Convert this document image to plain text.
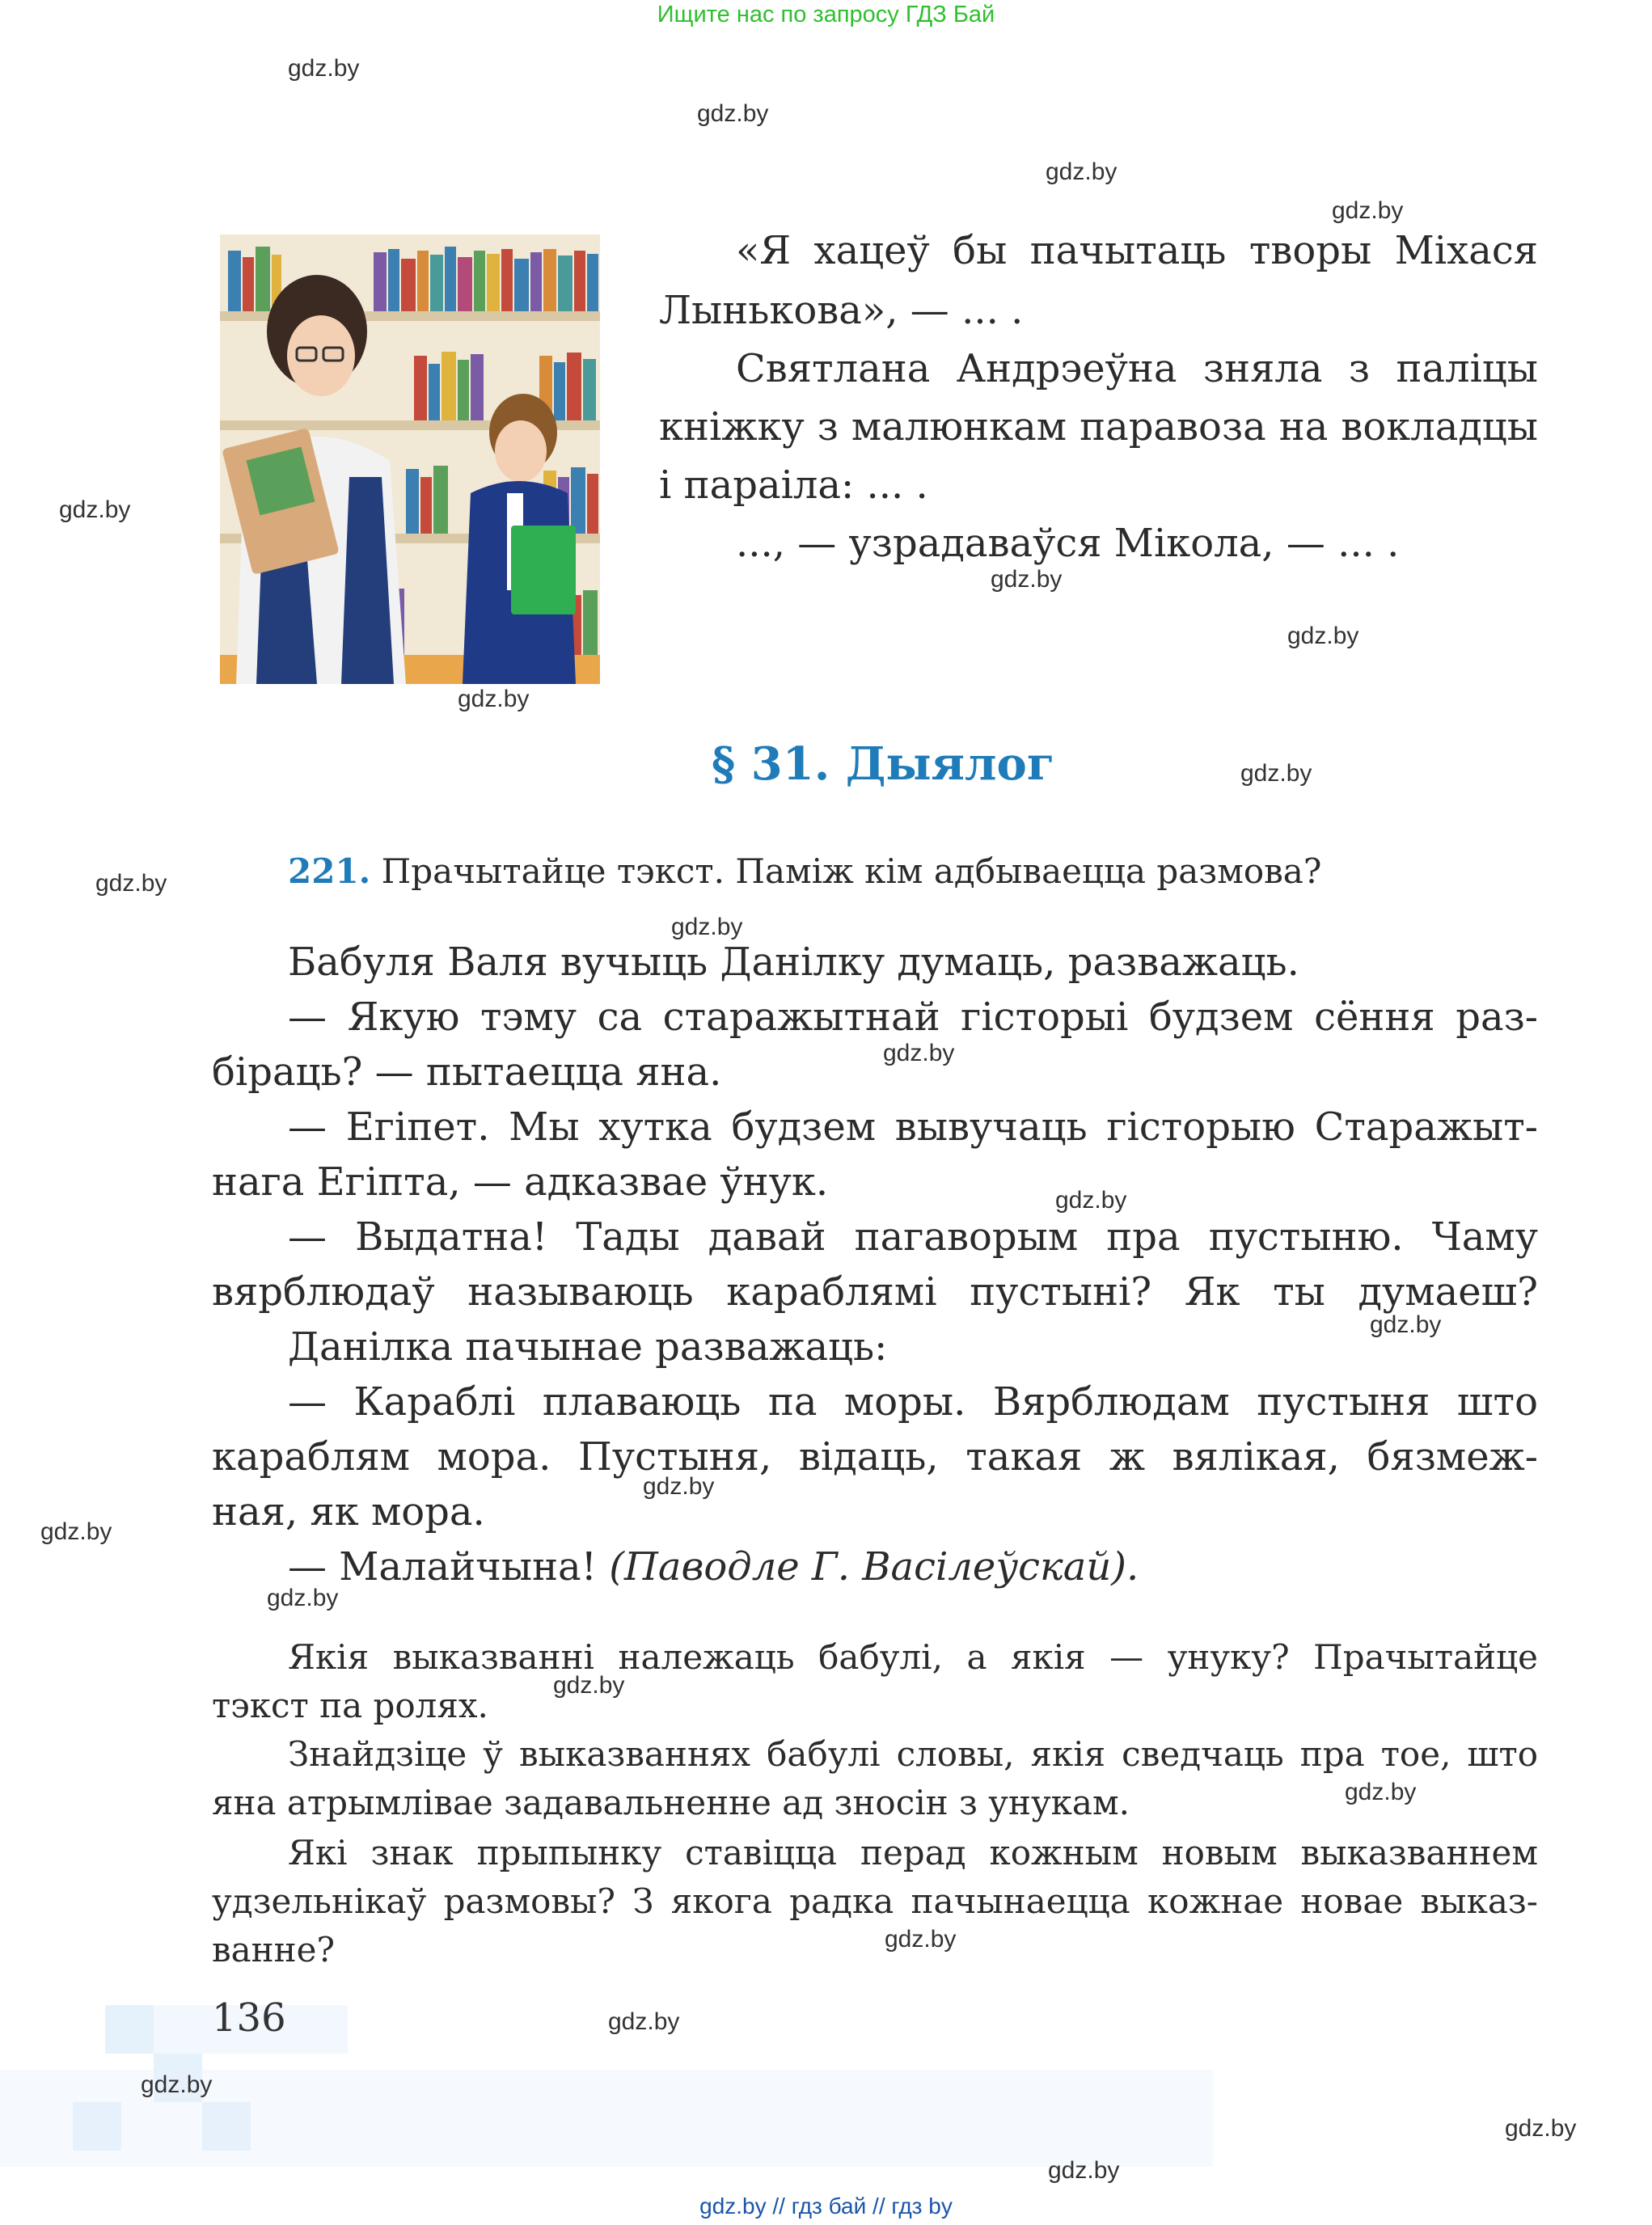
Ищите нас по запросу ГДЗ Бай
gdz.by
gdz.by
gdz.by
gdz.by
gdz.by
gdz.by
gdz.by
gdz.by
gdz.by
gdz.by
gdz.by
gdz.by
gdz.by
gdz.by
gdz.by
gdz.by
gdz.by
gdz.by
gdz.by
gdz.by
gdz.by
gdz.by
gdz.by
gdz.by
«Я хацеў бы пачытаць творы Міхася
Лынькова», — ... .
Святлана Андрэеўна зняла з паліцы
кніжку з малюнкам паравоза на вокладцы
і параіла: ... .
..., — узрадаваўся Мікола, — ... .
§ 31. Дыялог
221. Прачытайце тэкст. Паміж кім адбываецца размова?
Бабуля Валя вучыць Данілку думаць, разважаць.
— Якую тэму са старажытнай гісторыі будзем сёння раз-
біраць? — пытаецца яна.
— Егіпет. Мы хутка будзем вывучаць гісторыю Старажыт-
нага Егіпта, — адказвае ўнук.
— Выдатна! Тады давай пагаворым пра пустыню. Чаму
вярблюдаў называюць караблямі пустыні? Як ты думаеш?
Данілка пачынае разважаць:
— Караблі плаваюць па моры. Вярблюдам пустыня што
караблям мора. Пустыня, відаць, такая ж вялікая, бязмеж-
ная, як мора.
— Малайчына! (Паводле Г. Васілеўскай).
Якія выказванні належаць бабулі, а якія — унуку? Прачытайце
тэкст па ролях.
Знайдзіце ў выказваннях бабулі словы, якія сведчаць пра тое, што
яна атрымлівае задавальненне ад зносін з унукам.
Які знак прыпынку ставіцца перад кожным новым выказваннем
удзельнікаў размовы? З якога радка пачынаецца кожнае новае выказ-
ванне?
136
gdz.by // гдз бай // гдз by
